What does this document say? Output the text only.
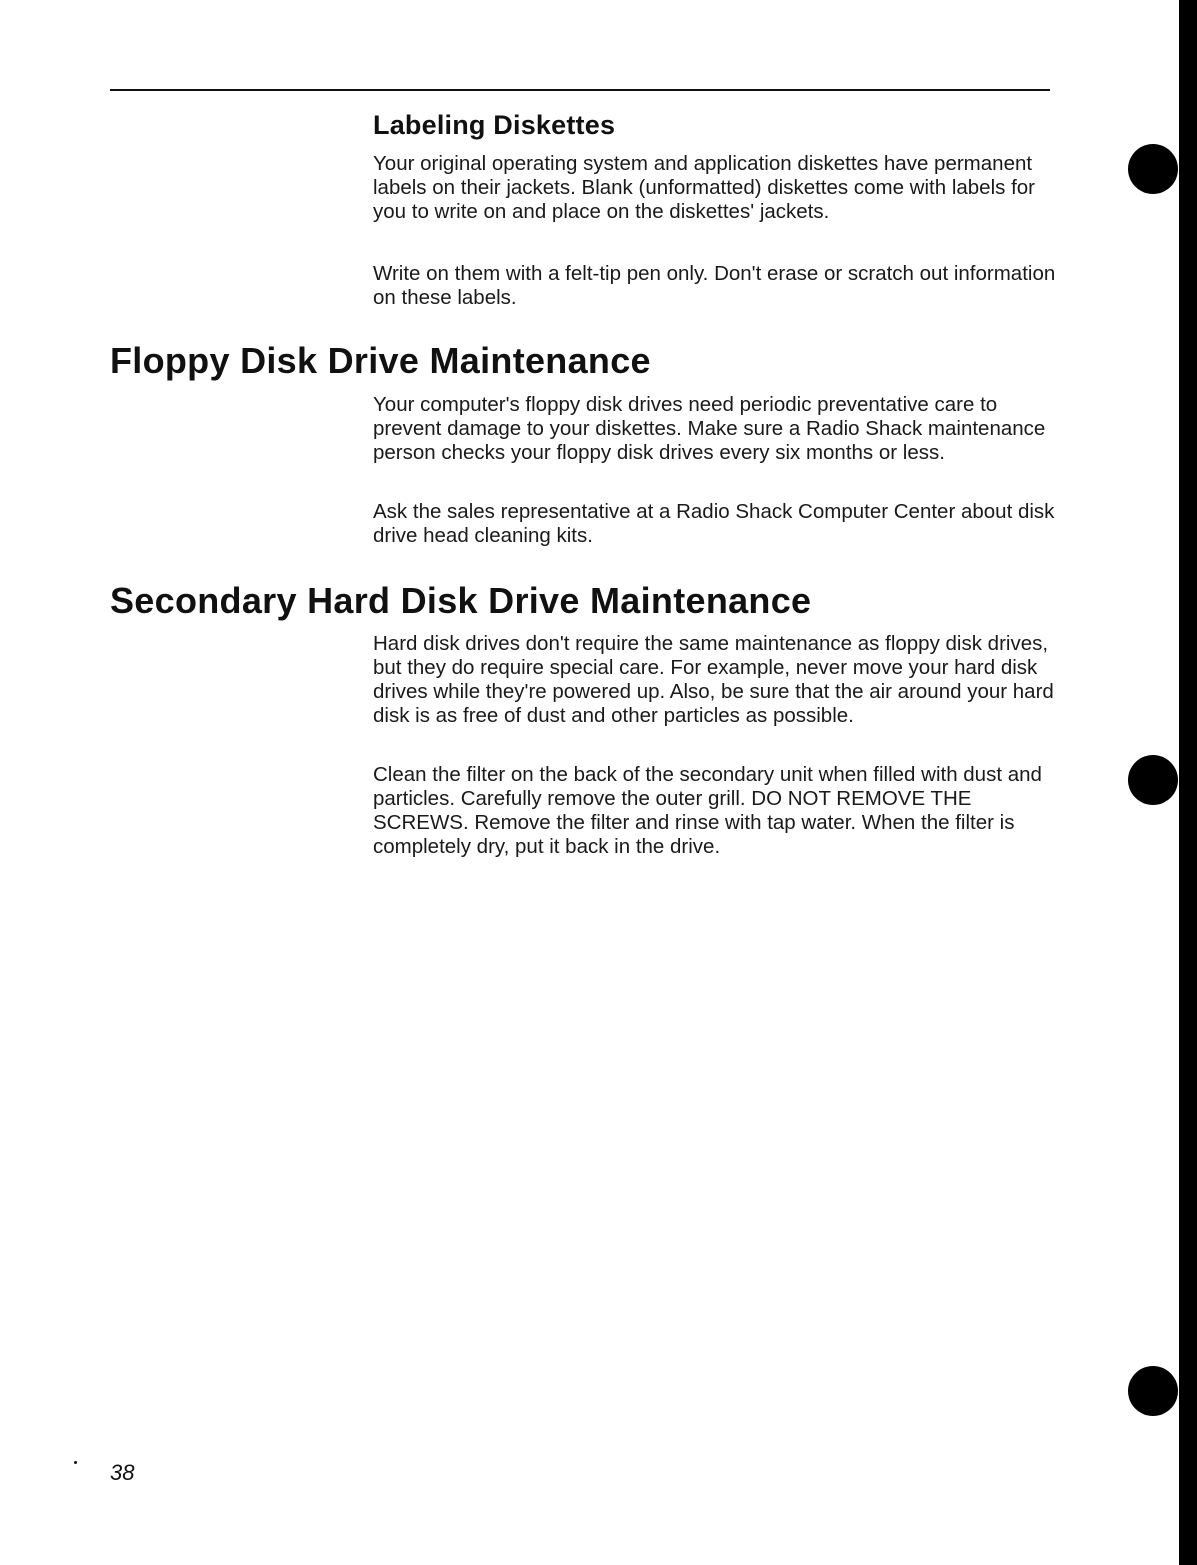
Labeling Diskettes

Your original operating system and application diskettes have permanent labels on their jackets. Blank (unformatted) diskettes come with labels for you to write on and place on the diskettes' jackets.

Write on them with a felt-tip pen only. Don't erase or scratch out information on these labels.

Floppy Disk Drive Maintenance

Your computer's floppy disk drives need periodic preventative care to prevent damage to your diskettes. Make sure a Radio Shack maintenance person checks your floppy disk drives every six months or less.

Ask the sales representative at a Radio Shack Computer Center about disk drive head cleaning kits.

Secondary Hard Disk Drive Maintenance

Hard disk drives don't require the same maintenance as floppy disk drives, but they do require special care. For example, never move your hard disk drives while they're powered up. Also, be sure that the air around your hard disk is as free of dust and other particles as possible.

Clean the filter on the back of the secondary unit when filled with dust and particles. Carefully remove the outer grill. DO NOT REMOVE THE SCREWS. Remove the filter and rinse with tap water. When the filter is completely dry, put it back in the drive.

38
